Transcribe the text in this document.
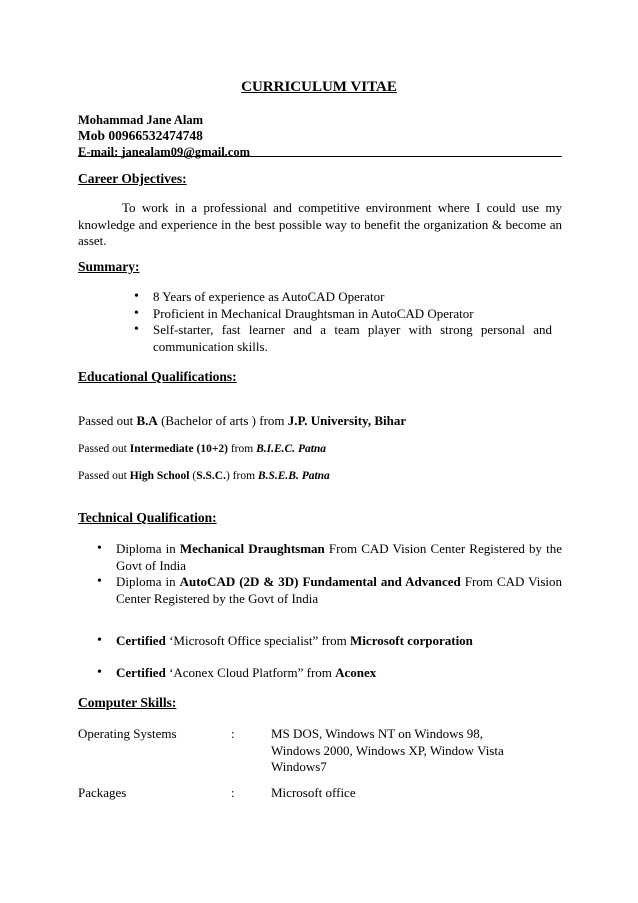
CURRICULUM VITAE
Mohammad Jane Alam
Mob 00966532474748
E-mail: janealam09@gmail.com
Career Objectives:
To work in a professional and competitive environment where I could use my knowledge and experience in the best possible way to benefit the organization & become an asset.
Summary:
• 8 Years of experience as AutoCAD Operator
• Proficient in Mechanical Draughtsman in AutoCAD Operator
• Self-starter, fast learner and a team player with strong personal and communication skills.
Educational Qualifications:
Passed out B.A (Bachelor of arts ) from J.P. University, Bihar
Passed out Intermediate (10+2) from B.I.E.C. Patna
Passed out High School (S.S.C.) from B.S.E.B. Patna
Technical Qualification:
• Diploma in Mechanical Draughtsman From CAD Vision Center Registered by the Govt of India
• Diploma in AutoCAD (2D & 3D) Fundamental and Advanced From CAD Vision Center Registered by the Govt of India
• Certified ‘Microsoft Office specialist” from Microsoft corporation
• Certified ‘Aconex Cloud Platform” from Aconex
Computer Skills:
Operating Systems	:	MS DOS, Windows NT on Windows 98,
Windows 2000, Windows XP, Window Vista
Windows7
Packages	:	Microsoft office
